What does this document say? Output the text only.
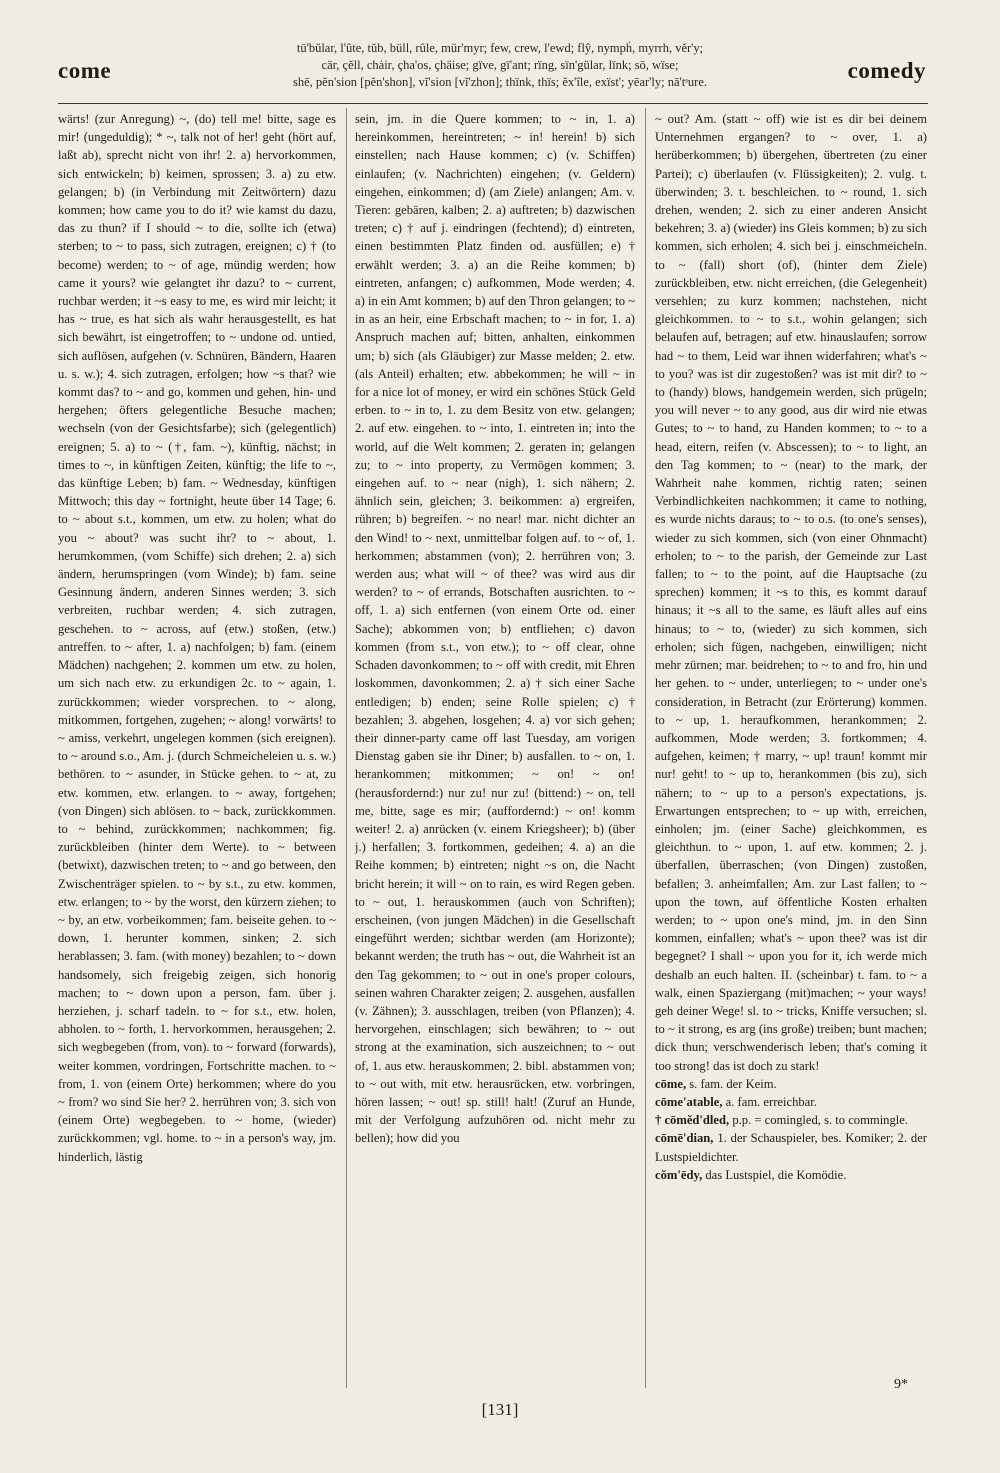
come
tū'bülar, l'ûte, tŭb, büll, rûle, mür'myr; few, crew, l'ewd; flŷ, nympḣ, myrrh, vĕr'y;
cär, çĕll, chȧir, çha'os, çhäise; gïve, gï'ant; rïng, sïn'gülar, lïnk; sō, wïse;
shē, pĕn'sion [pĕn'shon], vĭ'sion [vĭ'zhon]; thïnk, thïs; ĕx'île, exïst'; yēar'ly; nā'tˢure.	comedy

wärts! (zur Anregung) ~, (do) tell me! bitte, sage es mir! (ungeduldig); * ~, talk not of her! geht (hört auf, laßt ab), sprecht nicht von ihr! 2. a) hervorkommen, sich entwickeln; b) keimen, sprossen; 3. a) zu etw. gelangen; b) (in Verbindung mit Zeitwörtern) dazu kommen; how came you to do it? wie kamst du dazu, das zu thun? if I should ~ to die, sollte ich (etwa) sterben; to ~ to pass, sich zutragen, ereignen; c) † (to become) werden; to ~ of age, mündig werden; how came it yours? wie gelangtet ihr dazu? to ~ current, ruchbar werden; it ~s easy to me, es wird mir leicht; it has ~ true, es hat sich als wahr herausgestellt, es hat sich bewährt, ist eingetroffen; to ~ undone od. untied, sich auflösen, aufgehen (v. Schnüren, Bändern, Haaren u. s. w.); 4. sich zutragen, erfolgen; how ~s that? wie kommt das? to ~ and go, kommen und gehen, hin- und hergehen; öfters gelegentliche Besuche machen; wechseln (von der Gesichtsfarbe); sich (gelegentlich) ereignen; 5. a) to ~ (†, fam. ~), künftig, nächst; in times to ~, in künftigen Zeiten, künftig; the life to ~, das künftige Leben; b) fam. ~ Wednesday, künftigen Mittwoch; this day ~ fortnight, heute über 14 Tage; 6. to ~ about s.t., kommen, um etw. zu holen; what do you ~ about? was sucht ihr? to ~ about, 1. herumkommen, (vom Schiffe) sich drehen; 2. a) sich ändern, herumspringen (vom Winde); b) fam. seine Gesinnung ändern, anderen Sinnes werden; 3. sich verbreiten, ruchbar werden; 4. sich zutragen, geschehen. to ~ across, auf (etw.) stoßen, (etw.) antreffen. to ~ after, 1. a) nachfolgen; b) fam. (einem Mädchen) nachgehen; 2. kommen um etw. zu holen, um sich nach etw. zu erkundigen 2c. to ~ again, 1. zurückkommen; wieder vorsprechen. to ~ along, mitkommen, fortgehen, zugehen; ~ along! vorwärts! to ~ amiss, verkehrt, ungelegen kommen (sich ereignen). to ~ around s.o., Am. j. (durch Schmeicheleien u. s. w.) bethören. to ~ asunder, in Stücke gehen. to ~ at, zu etw. kommen, etw. erlangen. to ~ away, fortgehen; (von Dingen) sich ablösen. to ~ back, zurückkommen. to ~ behind, zurückkommen; nachkommen; fig. zurückbleiben (hinter dem Werte). to ~ between (betwixt), dazwischen treten; to ~ and go between, den Zwischenträger spielen. to ~ by s.t., zu etw. kommen, etw. erlangen; to ~ by the worst, den kürzern ziehen; to ~ by, an etw. vorbeikommen; fam. beiseite gehen. to ~ down, 1. herunter kommen, sinken; 2. sich herablassen; 3. fam. (with money) bezahlen; to ~ down handsomely, sich freigebig zeigen, sich honorig machen; to ~ down upon a person, fam. über j. herziehen, j. scharf tadeln. to ~ for s.t., etw. holen, abholen. to ~ forth, 1. hervorkommen, herausgehen; 2. sich wegbegeben (from, von). to ~ forward (forwards), weiter kommen, vordringen, Fortschritte machen. to ~ from, 1. von (einem Orte) herkommen; where do you ~ from? wo sind Sie her? 2. herrühren von; 3. sich von (einem Orte) wegbegeben. to ~ home, (wieder) zurückkommen; vgl. home. to ~ in a person's way, jm. hinderlich, lästig

sein, jm. in die Quere kommen; to ~ in, 1. a) hereinkommen, hereintreten; ~ in! herein! b) sich einstellen; nach Hause kommen; c) (v. Schiffen) einlaufen; (v. Nachrichten) eingehen; (v. Geldern) eingehen, einkommen; d) (am Ziele) anlangen; Am. v. Tieren: gebären, kalben; 2. a) auftreten; b) dazwischen treten; c) † auf j. eindringen (fechtend); d) eintreten, einen bestimmten Platz finden od. ausfüllen; e) † erwählt werden; 3. a) an die Reihe kommen; b) eintreten, anfangen; c) aufkommen, Mode werden; 4. a) in ein Amt kommen; b) auf den Thron gelangen; to ~ in as an heir, eine Erbschaft machen; to ~ in for, 1. a) Anspruch machen auf; bitten, anhalten, einkommen um; b) sich (als Gläubiger) zur Masse melden; 2. etw. (als Anteil) erhalten; etw. abbekommen; he will ~ in for a nice lot of money, er wird ein schönes Stück Geld erben. to ~ in to, 1. zu dem Besitz von etw. gelangen; 2. auf etw. eingehen. to ~ into, 1. eintreten in; into the world, auf die Welt kommen; 2. geraten in; gelangen zu; to ~ into property, zu Vermögen kommen; 3. eingehen auf. to ~ near (nigh), 1. sich nähern; 2. ähnlich sein, gleichen; 3. beikommen: a) ergreifen, rühren; b) begreifen. ~ no near! mar. nicht dichter an den Wind! to ~ next, unmittelbar folgen auf. to ~ of, 1. herkommen; abstammen (von); 2. herrühren von; 3. werden aus; what will ~ of thee? was wird aus dir werden? to ~ of errands, Botschaften ausrichten. to ~ off, 1. a) sich entfernen (von einem Orte od. einer Sache); abkommen von; b) entfliehen; c) davon kommen (from s.t., von etw.); to ~ off clear, ohne Schaden davonkommen; to ~ off with credit, mit Ehren loskommen, davonkommen; 2. a) † sich einer Sache entledigen; b) enden; seine Rolle spielen; c) † bezahlen; 3. abgehen, losgehen; 4. a) vor sich gehen; their dinner-party came off last Tuesday, am vorigen Dienstag gaben sie ihr Diner; b) ausfallen. to ~ on, 1. herankommen; mitkommen; ~ on! ~ on! (herausfordernd:) nur zu! nur zu! (bittend:) ~ on, tell me, bitte, sage es mir; (auffordernd:) ~ on! komm weiter! 2. a) anrücken (v. einem Kriegsheer); b) (über j.) herfallen; 3. fortkommen, gedeihen; 4. a) an die Reihe kommen; b) eintreten; night ~s on, die Nacht bricht herein; it will ~ on to rain, es wird Regen geben. to ~ out, 1. herauskommen (auch von Schriften); erscheinen, (von jungen Mädchen) in die Gesellschaft eingeführt werden; sichtbar werden (am Horizonte); bekannt werden; the truth has ~ out, die Wahrheit ist an den Tag gekommen; to ~ out in one's proper colours, seinen wahren Charakter zeigen; 2. ausgehen, ausfallen (v. Zähnen); 3. ausschlagen, treiben (von Pflanzen); 4. hervorgehen, einschlagen; sich bewähren; to ~ out strong at the examination, sich auszeichnen; to ~ out of, 1. aus etw. herauskommen; 2. bibl. abstammen von; to ~ out with, mit etw. herausrücken, etw. vorbringen, hören lassen; ~ out! sp. still! halt! (Zuruf an Hunde, mit der Verfolgung aufzuhören od. nicht mehr zu bellen); how did you

~ out? Am. (statt ~ off) wie ist es dir bei deinem Unternehmen ergangen? to ~ over, 1. a) herüberkommen; b) übergehen, übertreten (zu einer Partei); c) überlaufen (v. Flüssigkeiten); 2. vulg. t. überwinden; 3. t. beschleichen. to ~ round, 1. sich drehen, wenden; 2. sich zu einer anderen Ansicht bekehren; 3. a) (wieder) ins Gleis kommen; b) zu sich kommen, sich erholen; 4. sich bei j. einschmeicheln. to ~ (fall) short (of), (hinter dem Ziele) zurückbleiben, etw. nicht erreichen, (die Gelegenheit) versehlen; zu kurz kommen; nachstehen, nicht gleichkommen. to ~ to s.t., wohin gelangen; sich belaufen auf, betragen; auf etw. hinauslaufen; sorrow had ~ to them, Leid war ihnen widerfahren; what's ~ to you? was ist dir zugestoßen? was ist mit dir? to ~ to (handy) blows, handgemein werden, sich prügeln; you will never ~ to any good, aus dir wird nie etwas Gutes; to ~ to hand, zu Handen kommen; to ~ to a head, eitern, reifen (v. Abscessen); to ~ to light, an den Tag kommen; to ~ (near) to the mark, der Wahrheit nahe kommen, richtig raten; seinen Verbindlichkeiten nachkommen; it came to nothing, es wurde nichts daraus; to ~ to o.s. (to one's senses), wieder zu sich kommen, sich (von einer Ohnmacht) erholen; to ~ to the parish, der Gemeinde zur Last fallen; to ~ to the point, auf die Hauptsache (zu sprechen) kommen; it ~s to this, es kommt darauf hinaus; it ~s all to the same, es läuft alles auf eins hinaus; to ~ to, (wieder) zu sich kommen, sich erholen; sich fügen, nachgeben, einwilligen; nicht mehr zürnen; mar. beidrehen; to ~ to and fro, hin und her gehen. to ~ under, unterliegen; to ~ under one's consideration, in Betracht (zur Erörterung) kommen. to ~ up, 1. heraufkommen, herankommen; 2. aufkommen, Mode werden; 3. fortkommen; 4. aufgehen, keimen; † marry, ~ up! traun! kommt mir nur! geht! to ~ up to, herankommen (bis zu), sich nähern; to ~ up to a person's expectations, js. Erwartungen entsprechen; to ~ up with, erreichen, einholen; jm. (einer Sache) gleichkommen, es gleichthun. to ~ upon, 1. auf etw. kommen; 2. j. überfallen, überraschen; (von Dingen) zustoßen, befallen; 3. anheimfallen; Am. zur Last fallen; to ~ upon the town, auf öffentliche Kosten erhalten werden; to ~ upon one's mind, jm. in den Sinn kommen, einfallen; what's ~ upon thee? was ist dir begegnet? I shall ~ upon you for it, ich werde mich deshalb an euch halten. II. (scheinbar) t. fam. to ~ a walk, einen Spaziergang (mit)machen; ~ your ways! geh deiner Wege! sl. to ~ tricks, Kniffe versuchen; sl. to ~ it strong, es arg (ins große) treiben; bunt machen; dick thun; verschwenderisch leben; that's coming it too strong! das ist doch zu stark!

cōme, s. fam. der Keim.
cōme'atable, a. fam. erreichbar.
† cōmĕd'dled, p.p. = comingled, s. to commingle.
cōmē'dian, 1. der Schauspieler, bes. Komiker; 2. der Lustspieldichter.
cŏm'ēdy, das Lustspiel, die Komödie.
9*
[131]
